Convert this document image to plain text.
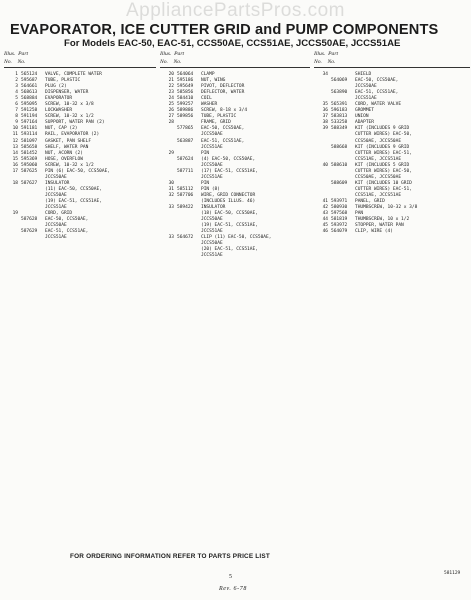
AppliancePartsPros.com
EVAPORATOR, ICE CUTTER GRID and PUMP COMPONENTS
For Models EAC-50, EAC-51, CCS50AE, CCS51AE, JCCS50AE, JCCS51AE
Illus. Part
No. No.
1 565124 VALVE, COMPLETE WATER
2 595687 TUBE, PLASTIC
3 564661 PLUG (2)
4 568613 DISPENSER, WATER
5 568884 EVAPORATOR
6 595095 SCREW, 10-32 x 3/8
7 591258 LOCKWASHER
8 591194 SCREW, 10-32 x 1/2
9 597164 SUPPORT, WATER PAN (2)
10 591181 NUT, CAP (2)
11 593114 RAIL, EVAPORATOR (2)
12 581097 GASKET, PAN SHELF
13 585658 SHELF, WATER PAN
14 581452 NUT, ACORN (2)
15 595369 HOSE, OVERFLOW
16 595060 SCREW, 10-32 x 1/2
17 587625 PIN (6) EAC-50, CCS50AE,
JCCS50AE
18 587627 INSULATOR
(11) EAC-50, CCS50AE,
JCCS50AE
(19) EAC-51, CCS51AE,
JCCS51AE
19	CORD, GRID
587628 EAC-50, CCS50AE,
JCCS50AE
587629 EAC-51, CCS51AE,
JCCS51AE
Illus. Part
No. No.
20 564064 CLAMP
21 595186 NUT, WING
22 595649 PIVOT, DEFLECTOR
23 585856 DEFLECTOR, WATER
24 584410 COIL
25 599257 WASHER
26 589886 SCREW, 8-18 x 3/4
27 589856 TUBE, PLASTIC
28	FRAME, GRID
577865 EAC-50, CCS50AE,
JCCS50AE
563887 EAC-51, CCS51AE,
JCCS51AE
29	PIN
587624 (4) EAC-50, CCS50AE,
JCCS50AE
587711 (17) EAC-51, CCS51AE,
JCCS51AE
30	PIN
31 585112 PIN (8)
32 587706 WIRE, GRID CONNECTOR
(INCLUDES ILLUS. 46)
33 589422 INSULATOR
(18) EAC-50, CCS50AE,
JCCS50AE
(19) EAC-51, CCS51AE,
JCCS51AE
33 564672 CLIP (11) EAC-50, CCS50AE,
JCCS50AE
(20) EAC-51, CCS51AE,
JCCS51AE
Illus. Part
No. No.
34	SHIELD
564069 EAC-50, CCS50AE,
JCCS50AE
563890 EAC-51, CCS51AE,
JCCS51AE
35 565391 CORD, WATER VALVE
36 596183 GROMMET
37 583813 UNION
38 533258 ADAPTER
39 588349 KIT (INCLUDES 9 GRID
CUTTER WIRES) EAC-50,
CCS50AE, JCCS50AE
588668 KIT (INCLUDES 9 GRID
CUTTER WIRES) EAC-51,
CCS51AE, JCCS51AE
40 588610 KIT (INCLUDES 5 GRID
CUTTER WIRES) EAC-50,
CCS50AE, JCCS50AE
588609 KIT (INCLUDES 10 GRID
CUTTER WIRES) EAC-51,
CCS51AE, JCCS51AE
41 593971 PANEL, GRID
42 580930 THUMBSCREW, 10-32 x 3/8
43 597568 PAN
44 581819 THUMBSCREW, 10 x 1/2
45 593972 STOPPER, WATER PAN
46 564079 CLIP, WIRE (4)
FOR ORDERING INFORMATION REFER TO PARTS PRICE LIST
5
581129
Rev. 6-78
